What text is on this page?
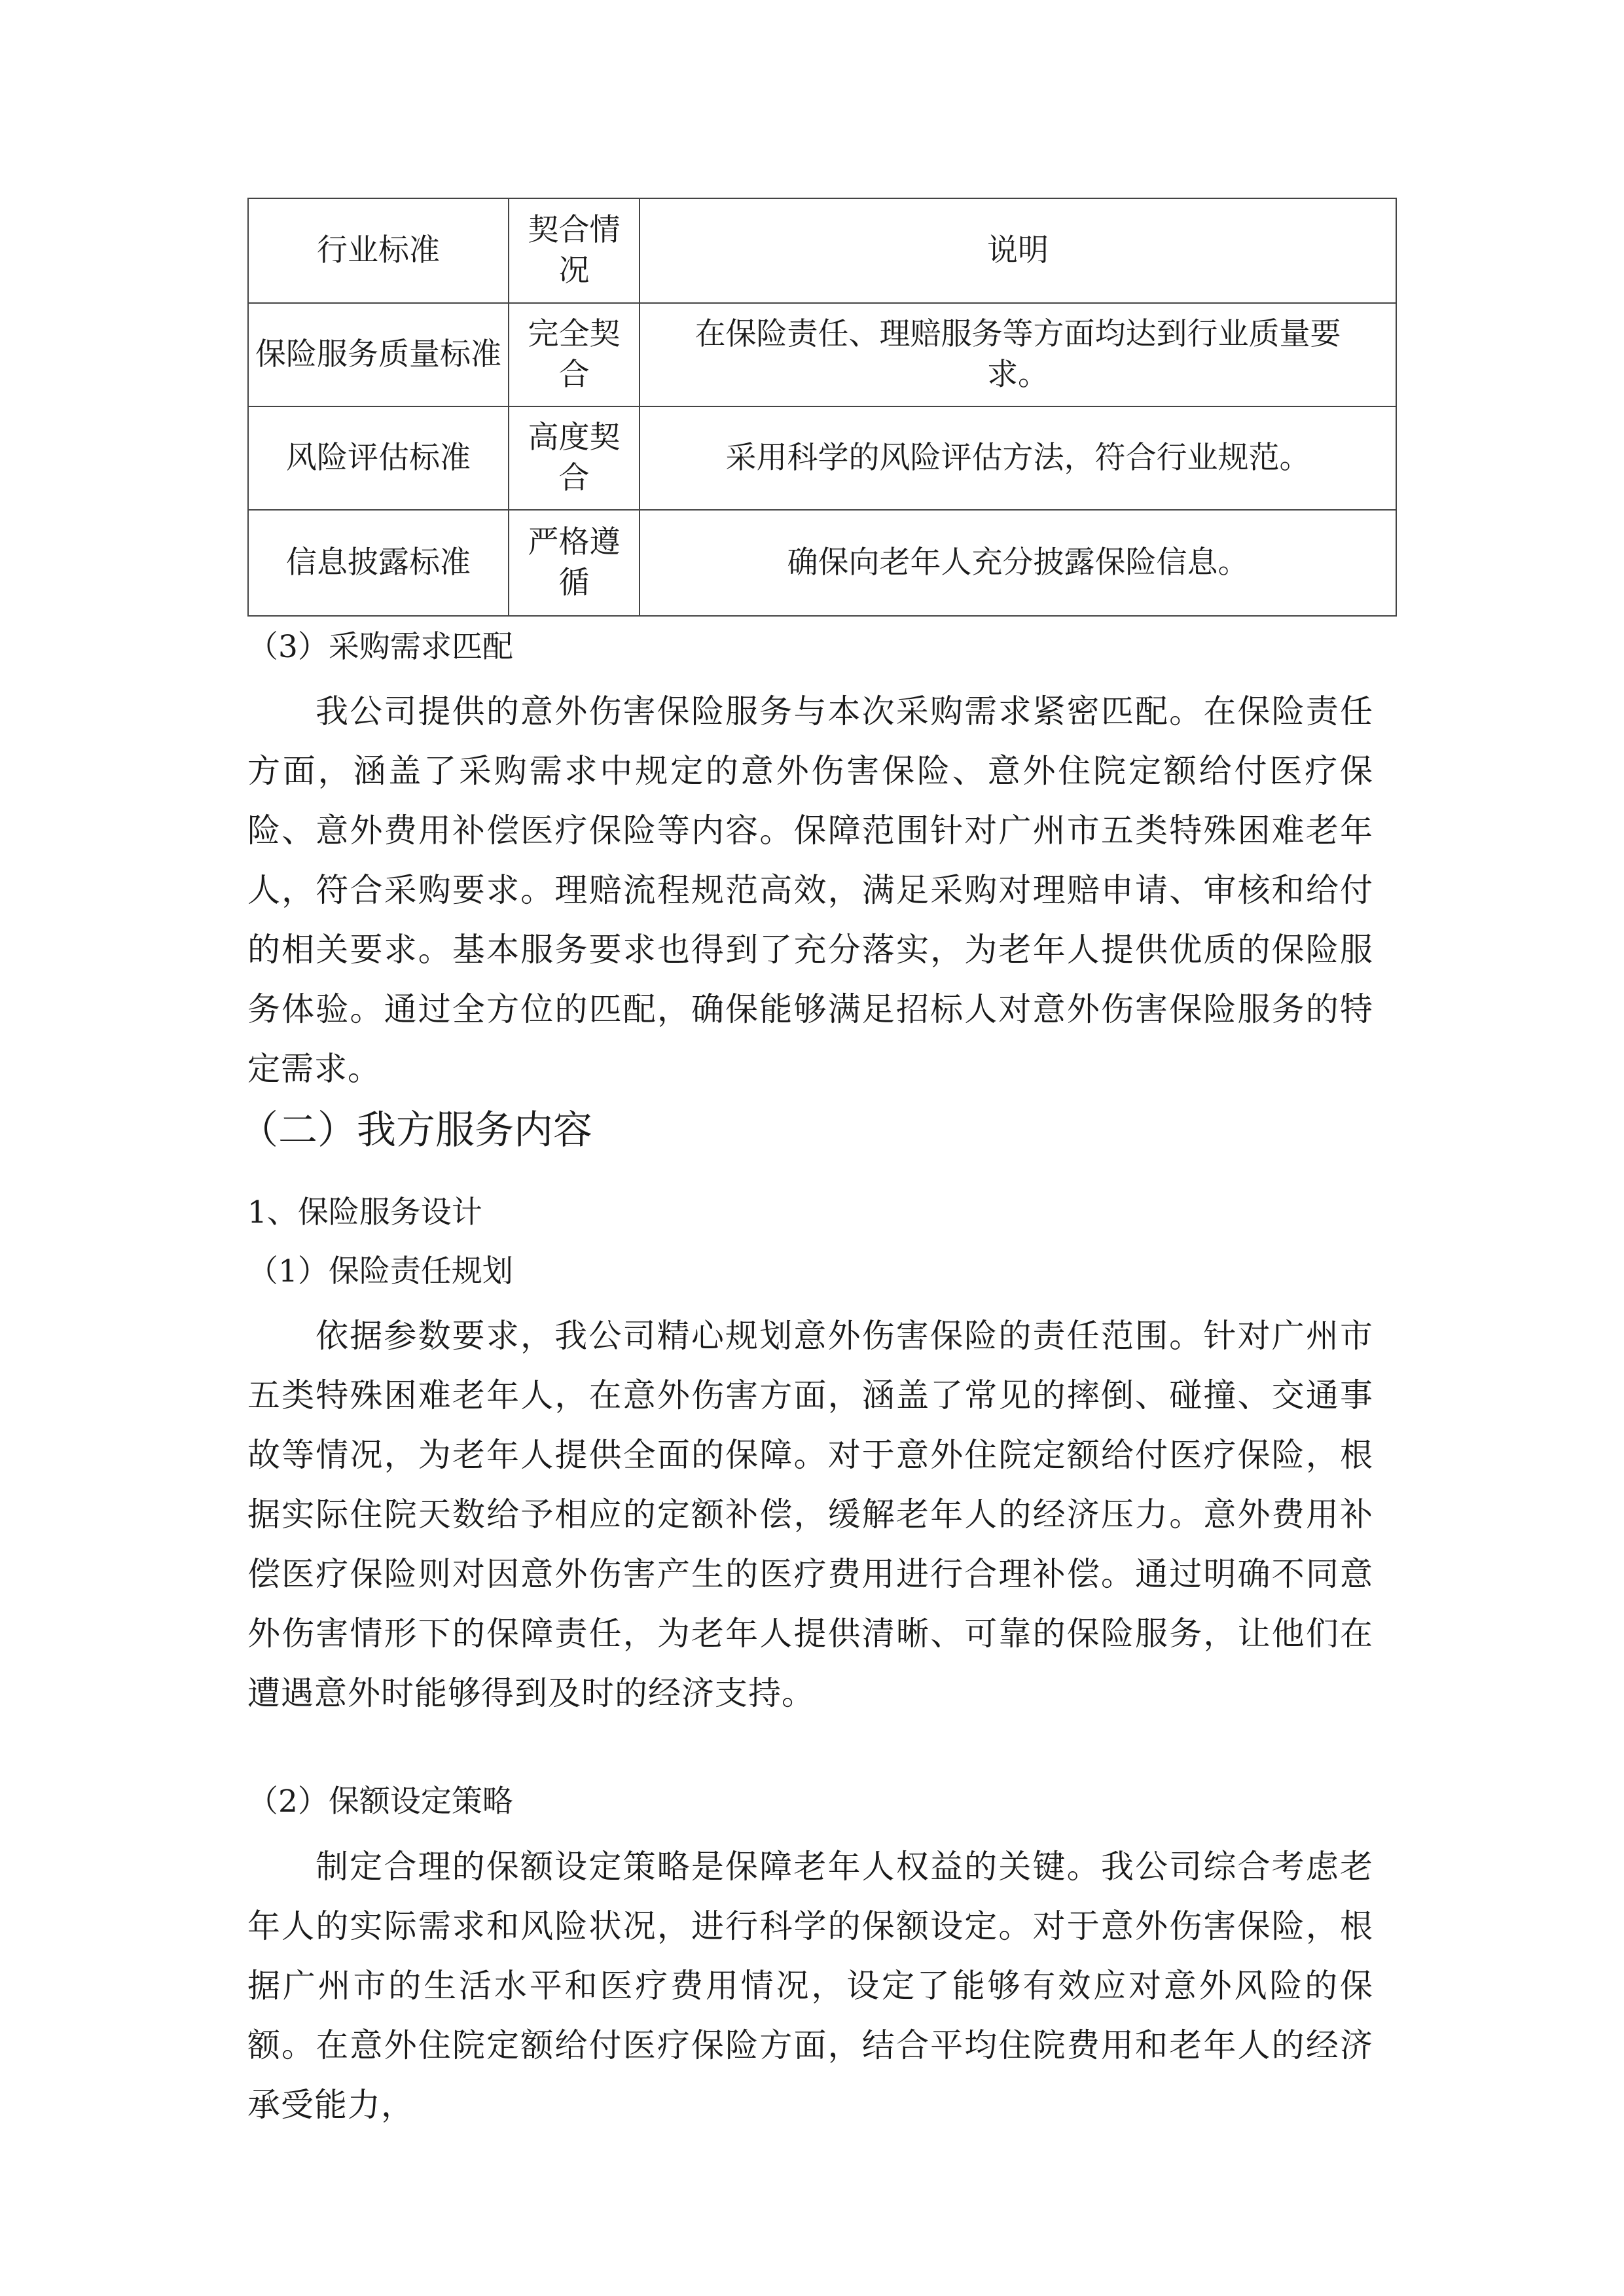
行业标准	契合情况	说明
保险服务质量标准	完全契合	在保险责任、理赔服务等方面均达到行业质量要求。
风险评估标准	高度契合	采用科学的风险评估方法，符合行业规范。
信息披露标准	严格遵循	确保向老年人充分披露保险信息。
（3）采购需求匹配

我公司提供的意外伤害保险服务与本次采购需求紧密匹配。在保险责任方面，涵盖了采购需求中规定的意外伤害保险、意外住院定额给付医疗保险、意外费用补偿医疗保险等内容。保障范围针对广州市五类特殊困难老年人，符合采购要求。理赔流程规范高效，满足采购对理赔申请、审核和给付的相关要求。基本服务要求也得到了充分落实，为老年人提供优质的保险服务体验。通过全方位的匹配，确保能够满足招标人对意外伤害保险服务的特定需求。

（二）我方服务内容
1、保险服务设计
（1）保险责任规划

依据参数要求，我公司精心规划意外伤害保险的责任范围。针对广州市五类特殊困难老年人，在意外伤害方面，涵盖了常见的摔倒、碰撞、交通事故等情况，为老年人提供全面的保障。对于意外住院定额给付医疗保险，根据实际住院天数给予相应的定额补偿，缓解老年人的经济压力。意外费用补偿医疗保险则对因意外伤害产生的医疗费用进行合理补偿。通过明确不同意外伤害情形下的保障责任，为老年人提供清晰、可靠的保险服务，让他们在遭遇意外时能够得到及时的经济支持。

（2）保额设定策略

制定合理的保额设定策略是保障老年人权益的关键。我公司综合考虑老年人的实际需求和风险状况，进行科学的保额设定。对于意外伤害保险，根据广州市的生活水平和医疗费用情况，设定了能够有效应对意外风险的保额。在意外住院定额给付医疗保险方面，结合平均住院费用和老年人的经济承受能力，
